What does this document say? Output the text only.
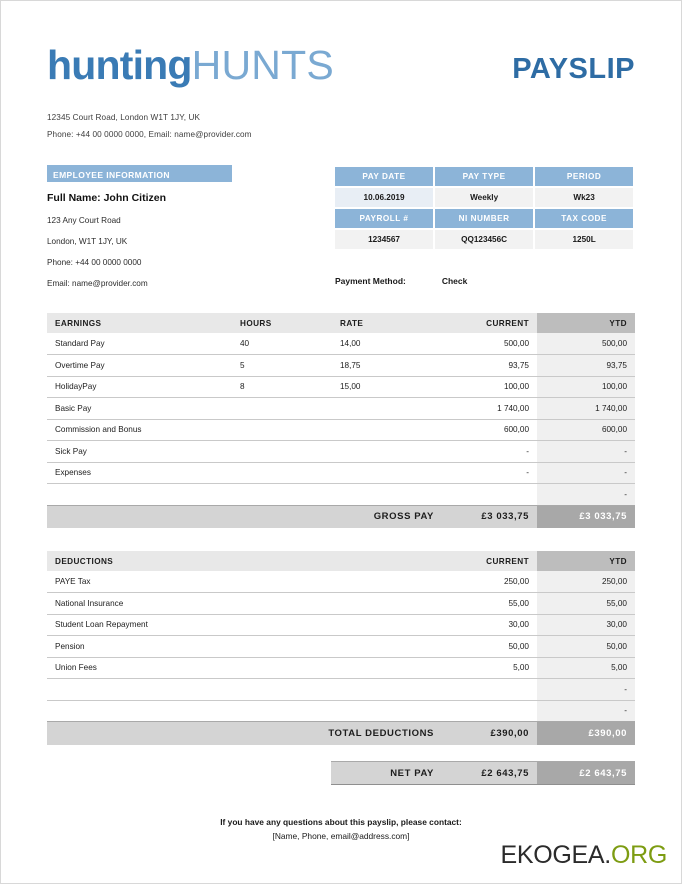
huntingHUNTS	PAYSLIP
12345 Court Road, London W1T 1JY, UK
Phone: +44 00 0000 0000, Email: name@provider.com
EMPLOYEE INFORMATION
Full Name: John Citizen
123 Any Court Road
London, W1T 1JY, UK
Phone: +44 00 0000 0000
Email: name@provider.com
PAY DATE	PAY TYPE	PERIOD
10.06.2019	Weekly	Wk23
PAYROLL #	NI NUMBER	TAX CODE
1234567	QQ123456C	1250L
Payment Method:	Check
EARNINGS	HOURS	RATE	CURRENT	YTD
Standard Pay	40	14,00	500,00	500,00
Overtime Pay	5	18,75	93,75	93,75
HolidayPay	8	15,00	100,00	100,00
Basic Pay			1 740,00	1 740,00
Commission and Bonus			600,00	600,00
Sick Pay			-	-
Expenses			-	-
				-
GROSS PAY			£3 033,75	£3 033,75
DEDUCTIONS	CURRENT	YTD
PAYE Tax	250,00	250,00
National Insurance	55,00	55,00
Student Loan Repayment	30,00	30,00
Pension	50,00	50,00
Union Fees	5,00	5,00
		-
		-
TOTAL DEDUCTIONS	£390,00	£390,00
NET PAY	£2 643,75	£2 643,75
If you have any questions about this payslip, please contact:
[Name, Phone, email@address.com]
EKOGEA.ORG
